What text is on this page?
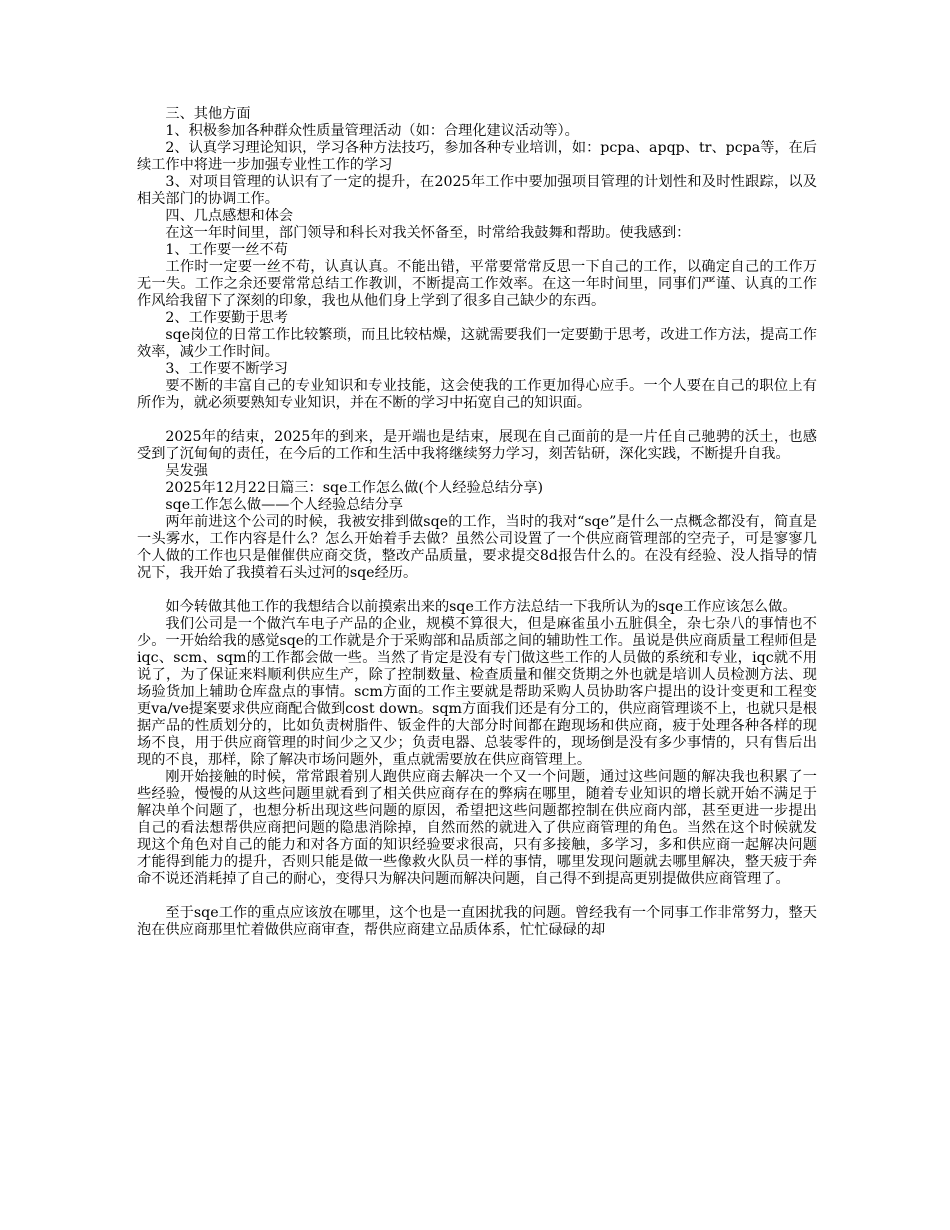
三、其他方面

1、积极参加各种群众性质量管理活动（如：合理化建议活动等）。

2、认真学习理论知识，学习各种方法技巧，参加各种专业培训，如：pcpa、apqp、tr、pcpa等，在后续工作中将进一步加强专业性工作的学习

3、对项目管理的认识有了一定的提升，在2025年工作中要加强项目管理的计划性和及时性跟踪，以及相关部门的协调工作。

四、几点感想和体会

在这一年时间里，部门领导和科长对我关怀备至，时常给我鼓舞和帮助。使我感到：

1、工作要一丝不苟

工作时一定要一丝不苟，认真认真。不能出错，平常要常常反思一下自己的工作，以确定自己的工作万无一失。工作之余还要常常总结工作教训，不断提高工作效率。在这一年时间里，同事们严谨、认真的工作作风给我留下了深刻的印象，我也从他们身上学到了很多自己缺少的东西。

2、工作要勤于思考

sqe岗位的日常工作比较繁琐，而且比较枯燥，这就需要我们一定要勤于思考，改进工作方法，提高工作效率，减少工作时间。

3、工作要不断学习

要不断的丰富自己的专业知识和专业技能，这会使我的工作更加得心应手。一个人要在自己的职位上有所作为，就必须要熟知专业知识，并在不断的学习中拓宽自己的知识面。

2025年的结束，2025年的到来，是开端也是结束，展现在自己面前的是一片任自己驰骋的沃土，也感受到了沉甸甸的责任，在今后的工作和生活中我将继续努力学习，刻苦钻研，深化实践，不断提升自我。

吴发强

2025年12月22日篇三：sqe工作怎么做(个人经验总结分享)

sqe工作怎么做——个人经验总结分享

两年前进这个公司的时候，我被安排到做sqe的工作，当时的我对“sqe”是什么一点概念都没有，简直是一头雾水，工作内容是什么？怎么开始着手去做？虽然公司设置了一个供应商管理部的空壳子，可是寥寥几个人做的工作也只是催催供应商交货，整改产品质量，要求提交8d报告什么的。在没有经验、没人指导的情况下，我开始了我摸着石头过河的sqe经历。

如今转做其他工作的我想结合以前摸索出来的sqe工作方法总结一下我所认为的sqe工作应该怎么做。

我们公司是一个做汽车电子产品的企业，规模不算很大，但是麻雀虽小五脏俱全，杂七杂八的事情也不少。一开始给我的感觉sqe的工作就是介于采购部和品质部之间的辅助性工作。虽说是供应商质量工程师但是iqc、scm、sqm的工作都会做一些。当然了肯定是没有专门做这些工作的人员做的系统和专业，iqc就不用说了，为了保证来料顺利供应生产，除了控制数量、检查质量和催交货期之外也就是培训人员检测方法、现场验货加上辅助仓库盘点的事情。scm方面的工作主要就是帮助采购人员协助客户提出的设计变更和工程变更va/ve提案要求供应商配合做到cost down。sqm方面我们还是有分工的，供应商管理谈不上，也就只是根据产品的性质划分的，比如负责树脂件、钣金件的大部分时间都在跑现场和供应商，疲于处理各种各样的现场不良，用于供应商管理的时间少之又少；负责电器、总装零件的，现场倒是没有多少事情的，只有售后出现的不良，那样，除了解决市场问题外，重点就需要放在供应商管理上。

刚开始接触的时候，常常跟着别人跑供应商去解决一个又一个问题，通过这些问题的解决我也积累了一些经验，慢慢的从这些问题里就看到了相关供应商存在的弊病在哪里，随着专业知识的增长就开始不满足于解决单个问题了，也想分析出现这些问题的原因，希望把这些问题都控制在供应商内部，甚至更进一步提出自己的看法想帮供应商把问题的隐患消除掉，自然而然的就进入了供应商管理的角色。当然在这个时候就发现这个角色对自己的能力和对各方面的知识经验要求很高，只有多接触，多学习，多和供应商一起解决问题才能得到能力的提升，否则只能是做一些像救火队员一样的事情，哪里发现问题就去哪里解决，整天疲于奔命不说还消耗掉了自己的耐心，变得只为解决问题而解决问题，自己得不到提高更别提做供应商管理了。

至于sqe工作的重点应该放在哪里，这个也是一直困扰我的问题。曾经我有一个同事工作非常努力，整天泡在供应商那里忙着做供应商审查，帮供应商建立品质体系，忙忙碌碌的却
